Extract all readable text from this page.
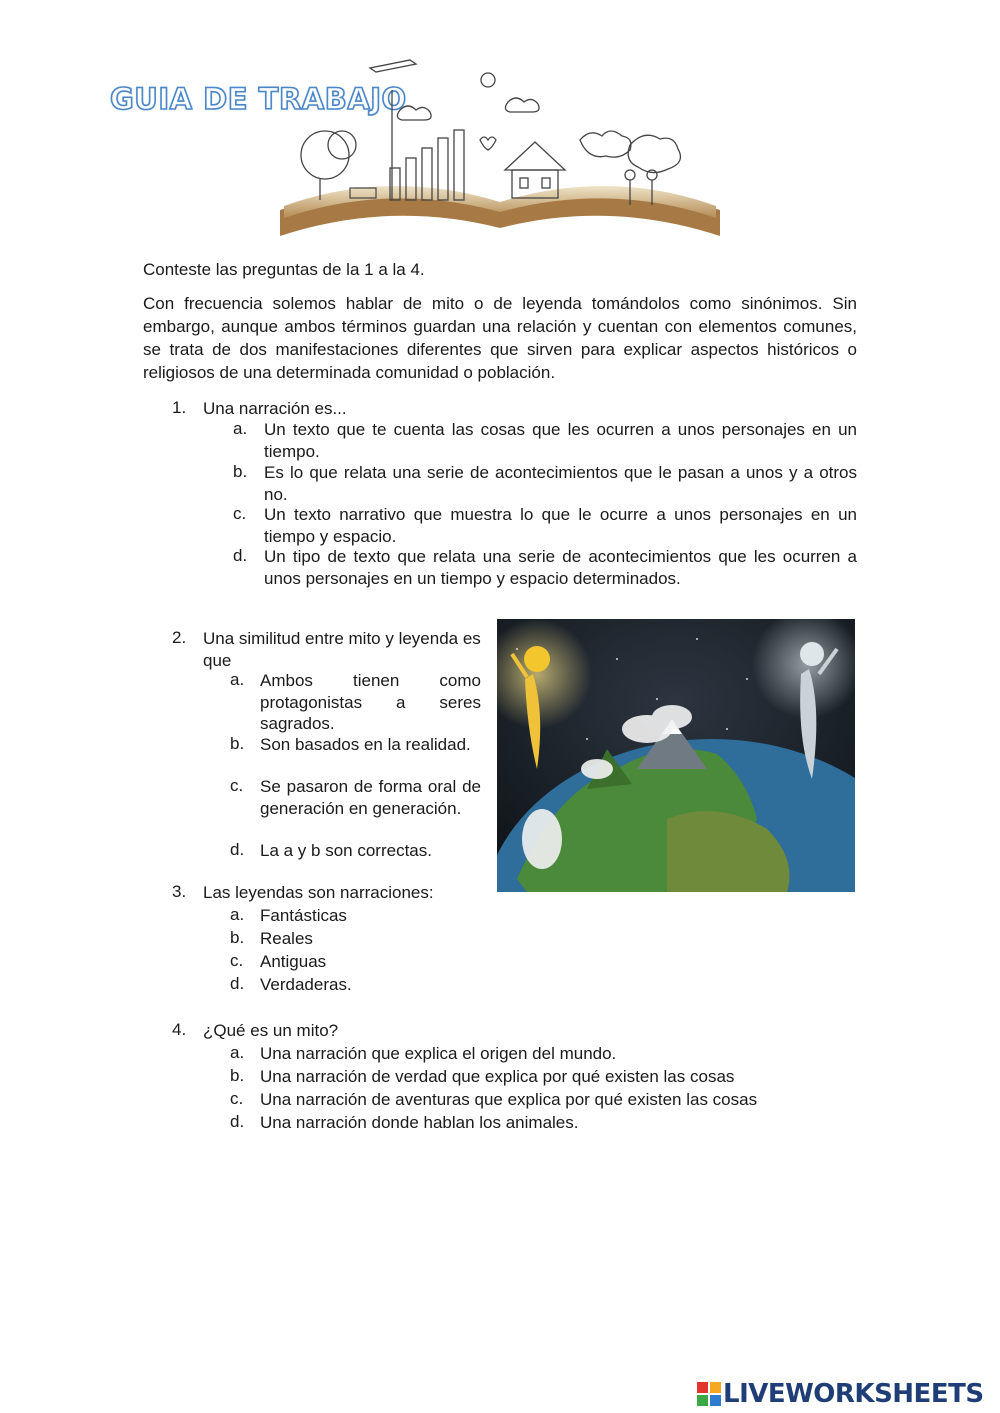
GUIA DE TRABAJO
Conteste las preguntas de la 1 a la 4.
Con frecuencia solemos hablar de mito o de leyenda tomándolos como sinónimos. Sin embargo, aunque ambos términos guardan una relación y cuentan con elementos comunes, se trata de dos manifestaciones diferentes que sirven para explicar aspectos históricos o religiosos de una determinada comunidad o población.
1. Una narración es...
a. Un texto que te cuenta las cosas que les ocurren a unos personajes en un tiempo.
b. Es lo que relata una serie de acontecimientos que le pasan a unos y a otros no.
c. Un texto narrativo que muestra lo que le ocurre a unos personajes en un tiempo y espacio.
d. Un tipo de texto que relata una serie de acontecimientos que les ocurren a unos personajes en un tiempo y espacio determinados.
2. Una similitud entre mito y leyenda es que
a. Ambos tienen como protagonistas a seres sagrados.
b. Son basados en la realidad.
c. Se pasaron de forma oral de generación en generación.
d. La a y b son correctas.
3. Las leyendas son narraciones:
a. Fantásticas
b. Reales
c. Antiguas
d. Verdaderas.
4. ¿Qué es un mito?
a. Una narración que explica el origen del mundo.
b. Una narración de verdad que explica por qué existen las cosas
c. Una narración de aventuras que explica por qué existen las cosas
d. Una narración donde hablan los animales.
LIVEWORKSHEETS
